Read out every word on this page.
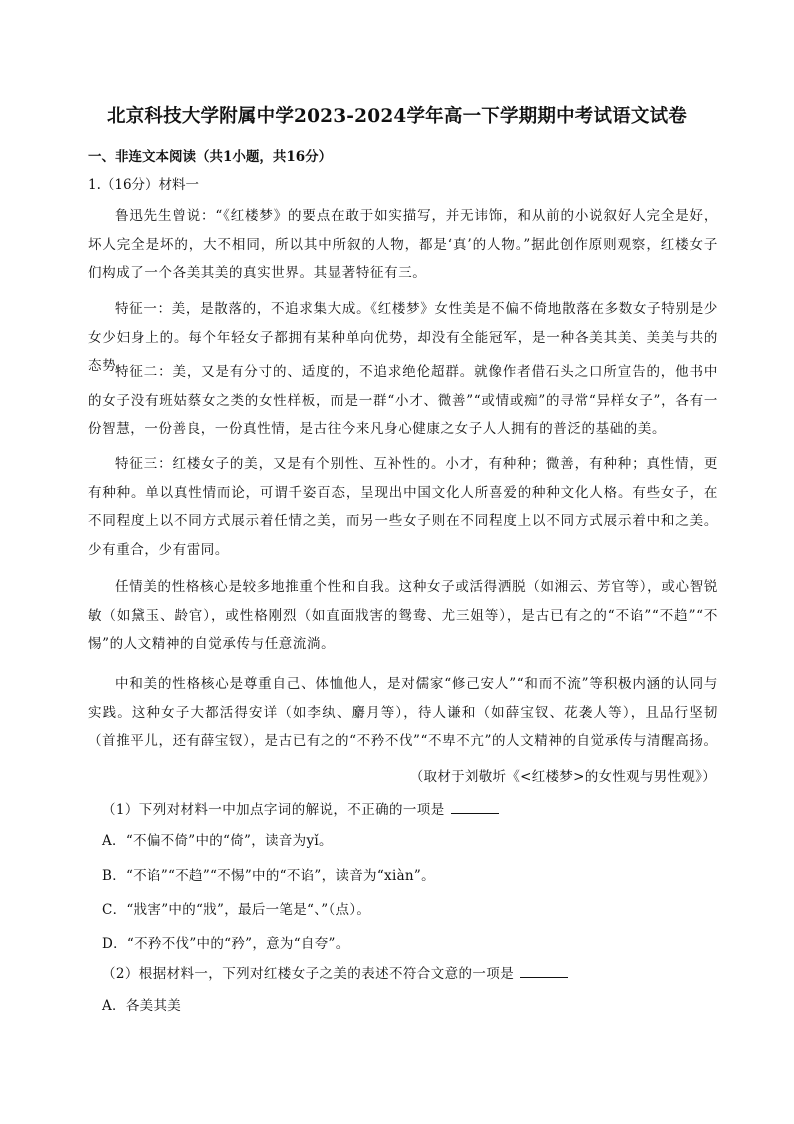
北京科技大学附属中学2023-2024学年高一下学期期中考试语文试卷
一、非连文本阅读（共1小题，共16分）
1.（16分）材料一
鲁迅先生曾说：“《红楼梦》的要点在敢于如实描写，并无讳饰，和从前的小说叙好人完全是好，坏人完全是坏的，大不相同，所以其中所叙的人物，都是‘真’的人物。”据此创作原则观察，红楼女子们构成了一个各美其美的真实世界。其显著特征有三。
特征一：美，是散落的，不追求集大成。《红楼梦》女性美是不偏不倚地散落在多数女子特别是少女少妇身上的。每个年轻女子都拥有某种单向优势，却没有全能冠军，是一种各美其美、美美与共的态势。
特征二：美，又是有分寸的、适度的，不追求绝伦超群。就像作者借石头之口所宣告的，他书中的女子没有班姑蔡女之类的女性样板，而是一群“小才、微善”“或情或痴”的寻常“异样女子”，各有一份智慧，一份善良，一份真性情，是古往今来凡身心健康之女子人人拥有的普泛的基础的美。
特征三：红楼女子的美，又是有个别性、互补性的。小才，有种种；微善，有种种；真性情，更有种种。单以真性情而论，可谓千姿百态，呈现出中国文化人所喜爱的种种文化人格。有些女子，在不同程度上以不同方式展示着任情之美，而另一些女子则在不同程度上以不同方式展示着中和之美。少有重合，少有雷同。
任情美的性格核心是较多地推重个性和自我。这种女子或活得洒脱（如湘云、芳官等），或心智锐敏（如黛玉、龄官），或性格刚烈（如直面戕害的鸳鸯、尤三姐等），是古已有之的“不谄”“不趋”“不惕”的人文精神的自觉承传与任意流淌。
中和美的性格核心是尊重自己、体恤他人，是对儒家“修己安人”“和而不流”等积极内涵的认同与实践。这种女子大都活得安详（如李纨、麝月等），待人谦和（如薛宝钗、花袭人等），且品行坚韧（首推平儿，还有薛宝钗），是古已有之的“不矜不伐”“不卑不亢”的人文精神的自觉承传与清醒高扬。
（取材于刘敬圻《<红楼梦>的女性观与男性观》）
（1）下列对材料一中加点字词的解说，不正确的一项是
A．“不偏不倚”中的“倚”，读音为yǐ。
B．“不谄”“不趋”“不惕”中的“不谄”，读音为“xiàn”。
C．“戕害”中的“戕”，最后一笔是“、”（点）。
D．“不矜不伐”中的“矜”，意为“自夸”。
（2）根据材料一，下列对红楼女子之美的表述不符合文意的一项是
A．各美其美
